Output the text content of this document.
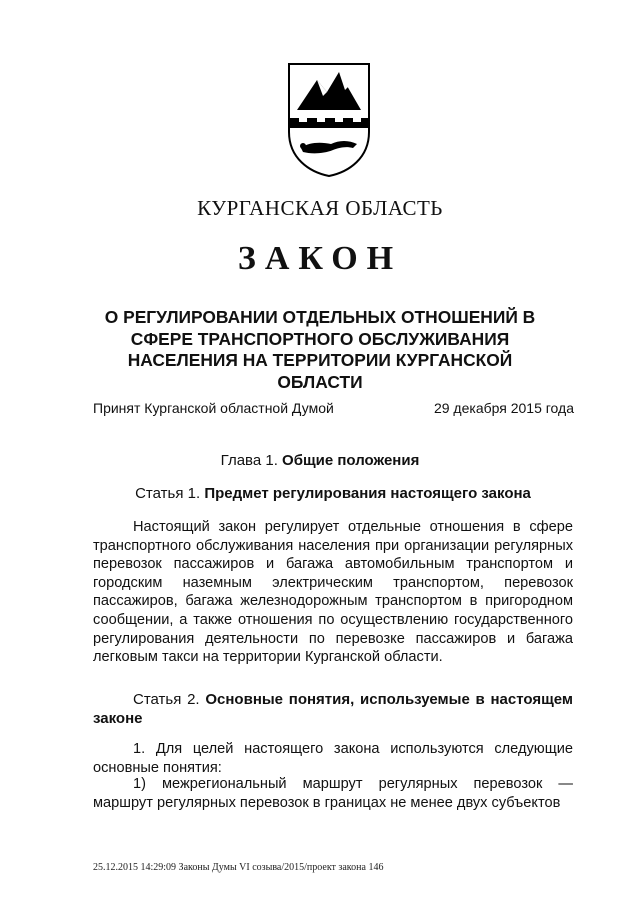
КУРГАНСКАЯ ОБЛАСТЬ
ЗАКОН
О РЕГУЛИРОВАНИИ ОТДЕЛЬНЫХ ОТНОШЕНИЙ В СФЕРЕ ТРАНСПОРТНОГО ОБСЛУЖИВАНИЯ НАСЕЛЕНИЯ НА ТЕРРИТОРИИ КУРГАНСКОЙ ОБЛАСТИ
Принят Курганской областной Думой	29 декабря 2015 года
Глава 1. Общие положения
Статья 1. Предмет регулирования настоящего закона
Настоящий закон регулирует отдельные отношения в сфере транспортного обслуживания населения при организации регулярных перевозок пассажиров и багажа автомобильным транспортом и городским наземным электрическим транспортом, перевозок пассажиров, багажа железнодорожным транспортом в пригородном сообщении, а также отношения по осуществлению государственного регулирования деятельности по перевозке пассажиров и багажа легковым такси на территории Курганской области.
Статья 2. Основные понятия, используемые в настоящем законе
1. Для целей настоящего закона используются следующие основные понятия:
1) межрегиональный маршрут регулярных перевозок — маршрут регулярных перевозок в границах не менее двух субъектов
25.12.2015 14:29:09 Законы Думы VI созыва/2015/проект закона 146
